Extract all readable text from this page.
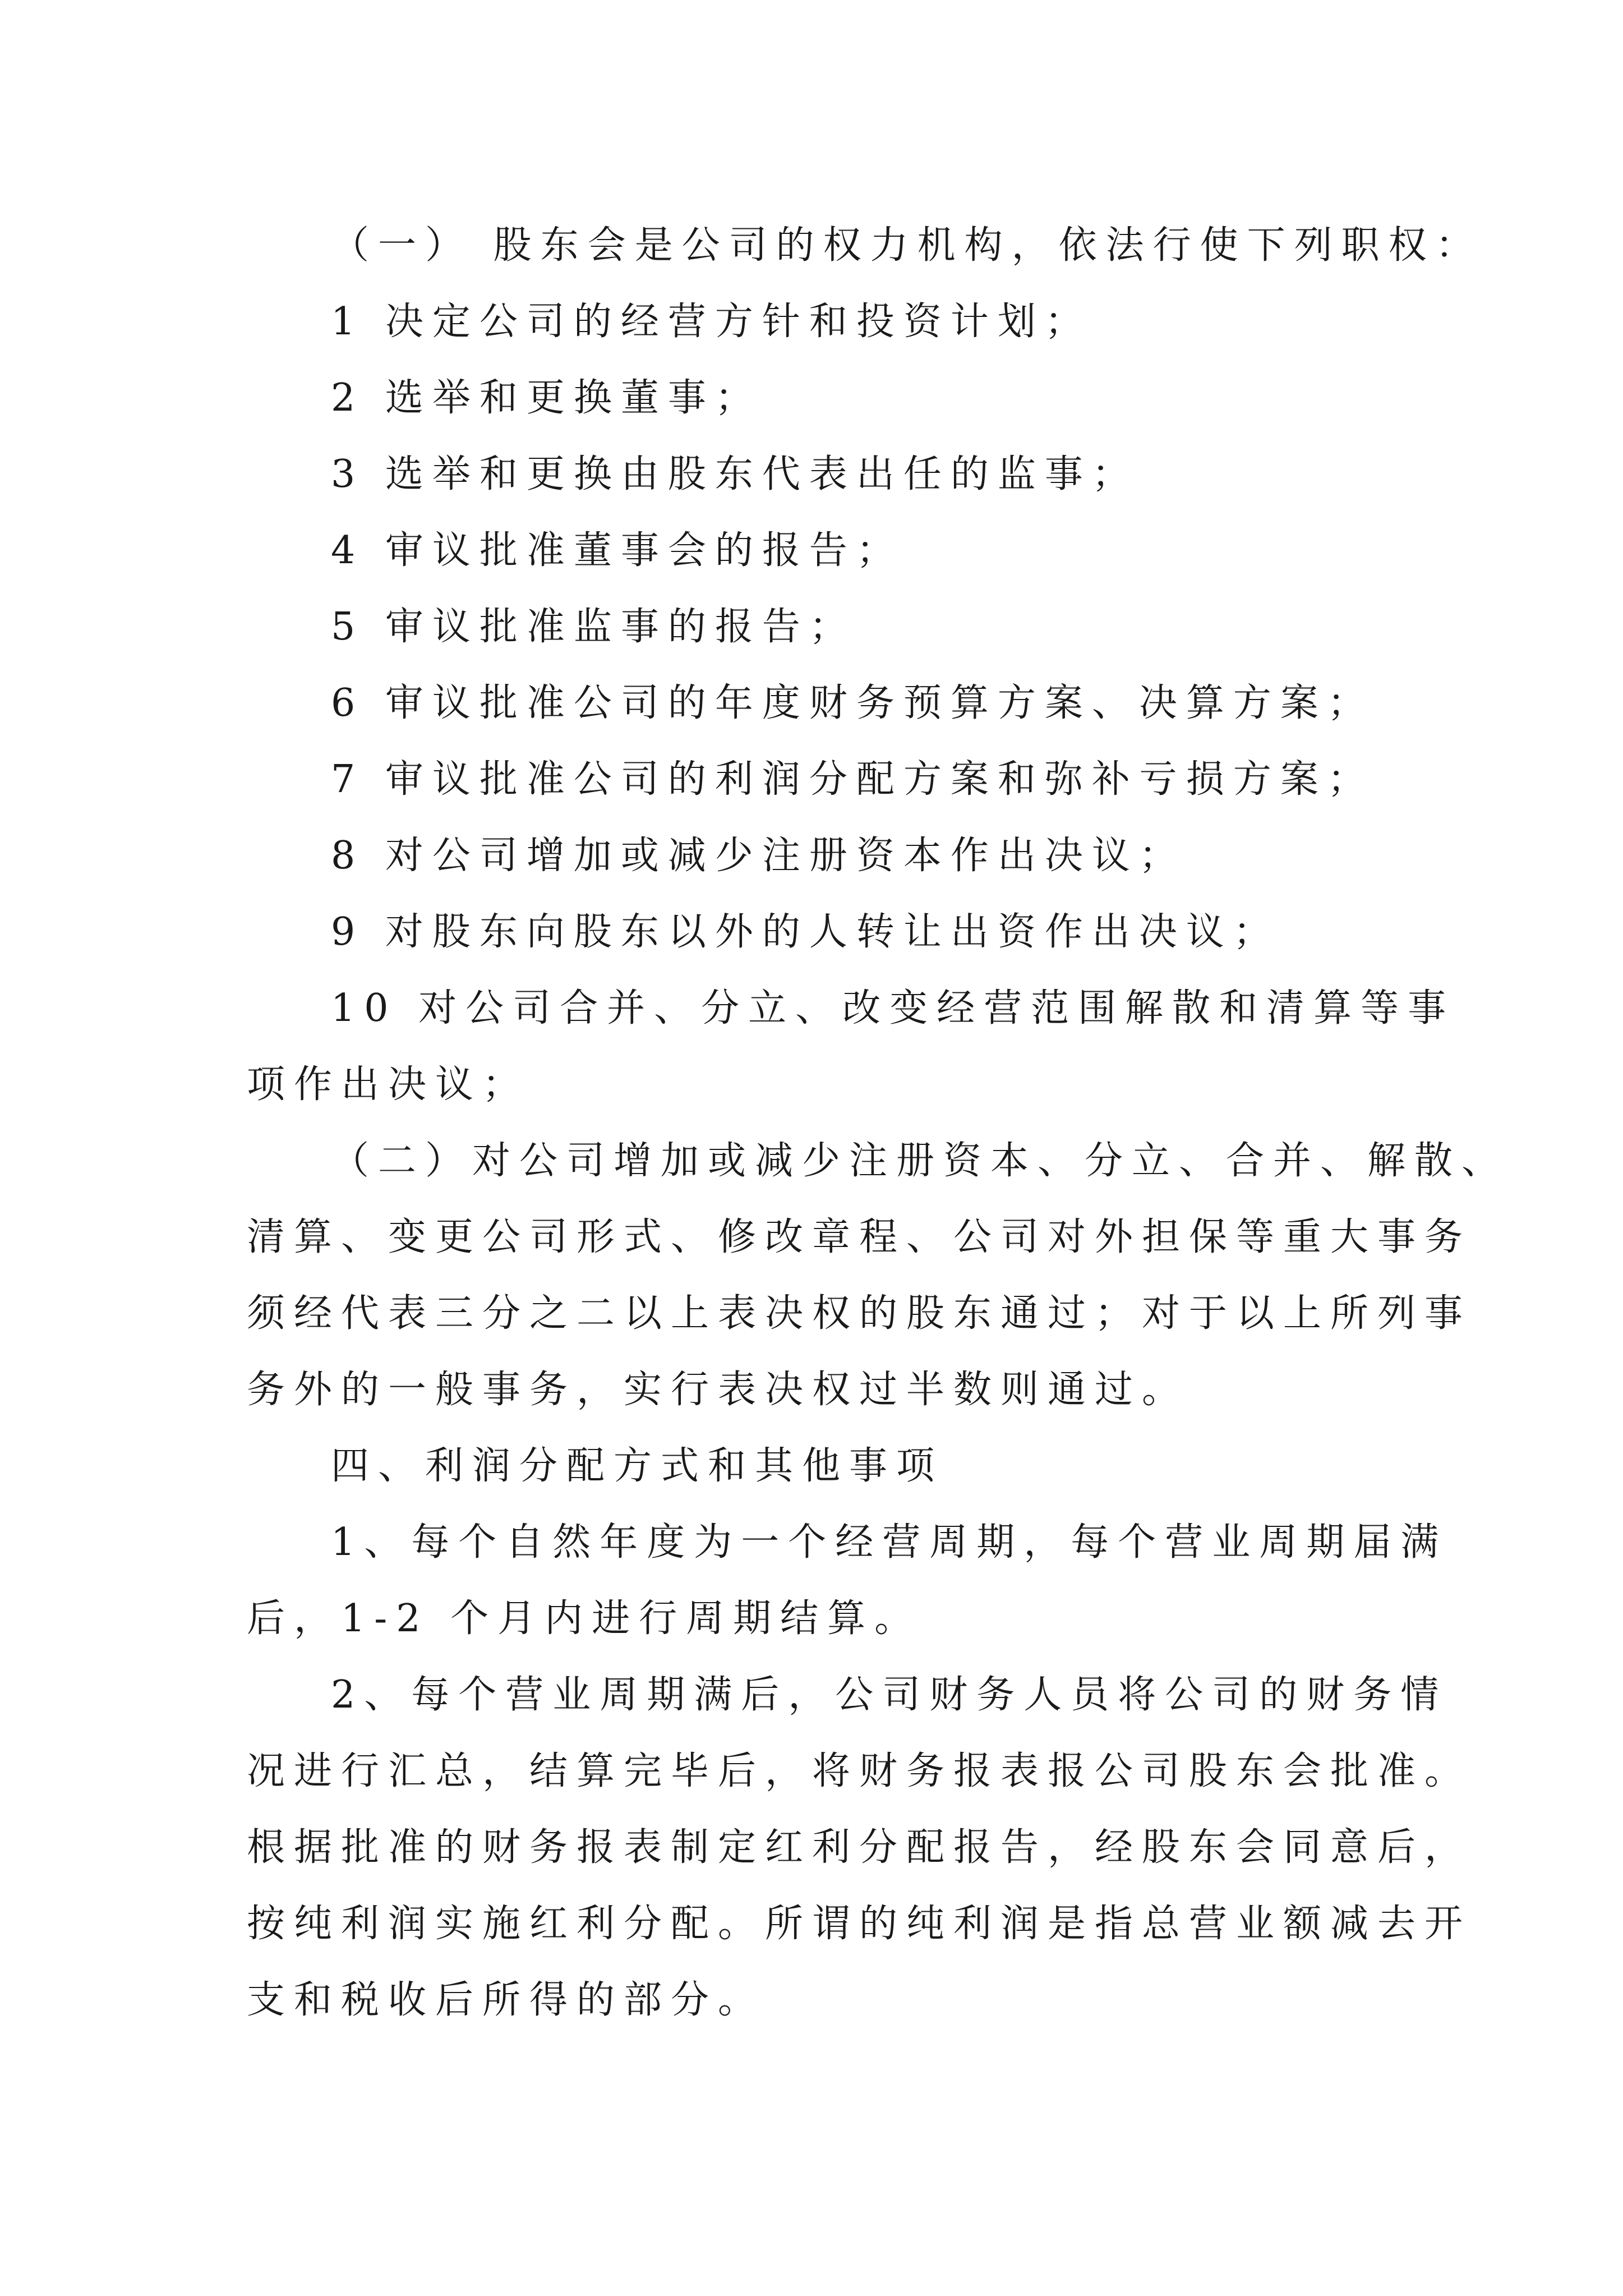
（一） 股东会是公司的权力机构，依法行使下列职权：
1 决定公司的经营方针和投资计划；
2 选举和更换董事；
3 选举和更换由股东代表出任的监事；
4 审议批准董事会的报告；
5 审议批准监事的报告；
6 审议批准公司的年度财务预算方案、决算方案；
7 审议批准公司的利润分配方案和弥补亏损方案；
8 对公司增加或减少注册资本作出决议；
9 对股东向股东以外的人转让出资作出决议；
10 对公司合并、分立、改变经营范围解散和清算等事
项作出决议；
（二）对公司增加或减少注册资本、分立、合并、解散、
清算、变更公司形式、修改章程、公司对外担保等重大事务
须经代表三分之二以上表决权的股东通过；对于以上所列事
务外的一般事务，实行表决权过半数则通过。
四、利润分配方式和其他事项
1、每个自然年度为一个经营周期，每个营业周期届满
后，1-2 个月内进行周期结算。
2、每个营业周期满后，公司财务人员将公司的财务情
况进行汇总，结算完毕后，将财务报表报公司股东会批准。
根据批准的财务报表制定红利分配报告，经股东会同意后，
按纯利润实施红利分配。所谓的纯利润是指总营业额减去开
支和税收后所得的部分。
